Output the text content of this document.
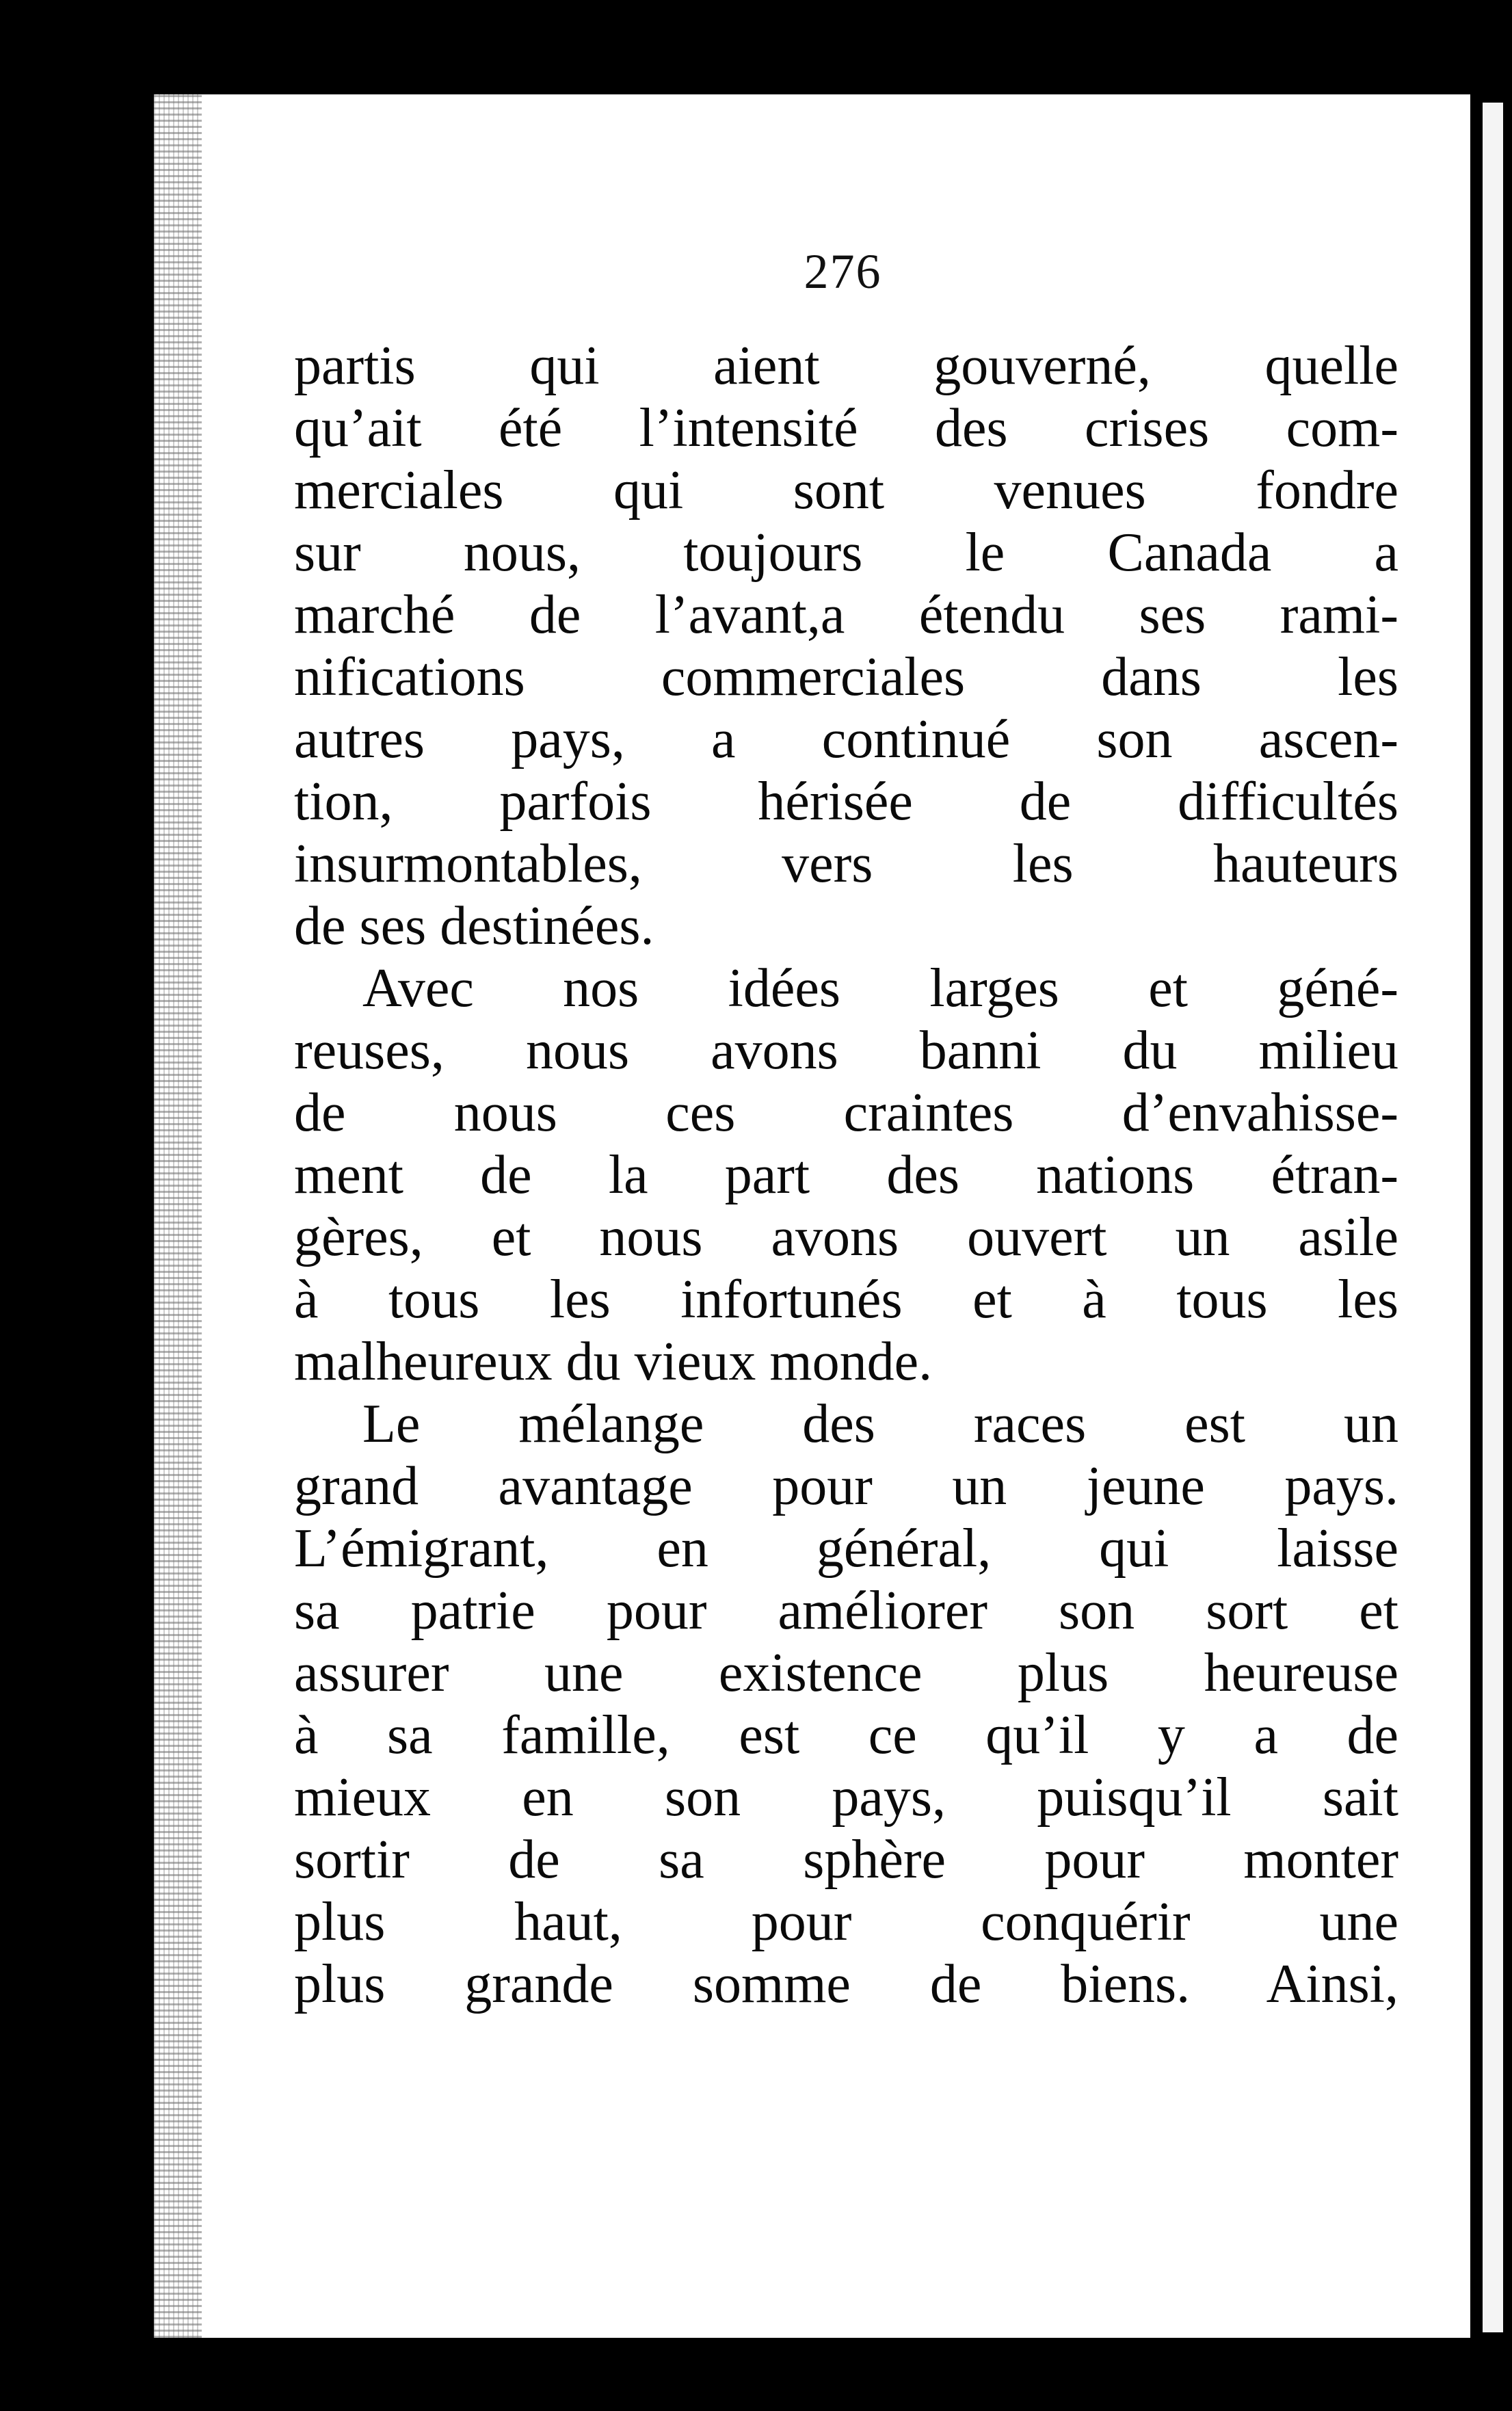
276
partis qui aient gouverné, quelle
qu’ait été l’intensité des crises com-
merciales qui sont venues fondre
sur nous, toujours le Canada a
marché de l’avant,a étendu ses rami-
nifications commerciales dans les
autres pays, a continué son ascen-
tion, parfois hérisée de difficultés
insurmontables, vers les hauteurs
de ses destinées.
Avec nos idées larges et géné-
reuses, nous avons banni du milieu
de nous ces craintes d’envahisse-
ment de la part des nations étran-
gères, et nous avons ouvert un asile
à tous les infortunés et à tous les
malheureux du vieux monde.
Le mélange des races est un
grand avantage pour un jeune pays.
L’émigrant, en général, qui laisse
sa patrie pour améliorer son sort et
assurer une existence plus heureuse
à sa famille, est ce qu’il y a de
mieux en son pays, puisqu’il sait
sortir de sa sphère pour monter
plus haut, pour conquérir une
plus grande somme de biens. Ainsi,
